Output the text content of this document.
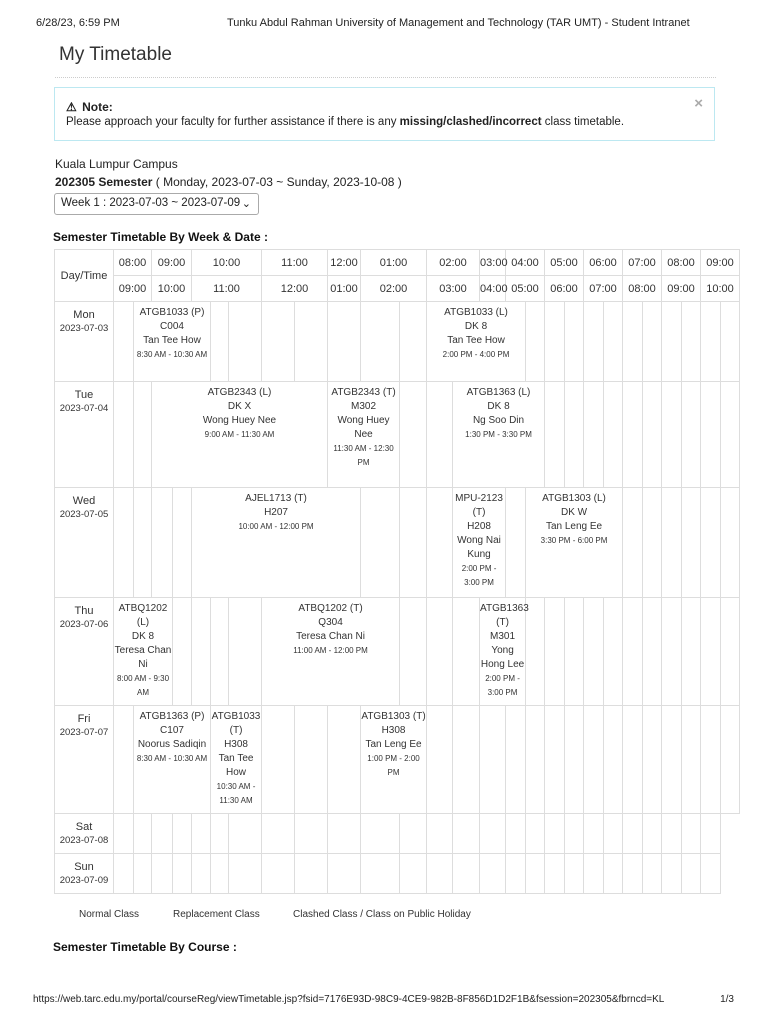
6/28/23, 6:59 PM	Tunku Abdul Rahman University of Management and Technology (TAR UMT) - Student Intranet
My Timetable
⚠ Note:
Please approach your faculty for further assistance if there is any missing/clashed/incorrect class timetable.
×
Kuala Lumpur Campus
202305 Semester ( Monday, 2023-07-03 ~ Sunday, 2023-10-08 )
Week 1 : 2023-07-03 ~ 2023-07-09 ⌄
Semester Timetable By Week & Date :
Day/Time	08:00		09:00		10:00			11:00		12:00	01:00		02:00		03:00	04:00		05:00		06:00		07:00		08:00		09:00		
	09:00		10:00		11:00			12:00		01:00	02:00		03:00		04:00	05:00		06:00		07:00		08:00		09:00		10:00		

Mon
2023-07-03		ATGB1033 (P)
C004
Tan Tee How
8:30 AM - 10:30 AM											ATGB1033 (L)
DK 8
Tan Tee How
2:00 PM - 4:00 PM															

Tue
2023-07-04			ATGB2343 (L)
DK X
Wong Huey Nee
9:00 AM - 11:30 AM							ATGB2343 (T)
M302
Wong Huey Nee
11:30 AM - 12:30 PM				ATGB1363 (L)
DK 8
Ng Soo Din
1:30 PM - 3:30 PM														

Wed
2023-07-05					AJEL1713 (T)
H207
10:00 AM - 12:00 PM									MPU-2123 (T)
H208
Wong Nai Kung
2:00 PM - 3:00 PM			ATGB1303 (L)
DK W
Tan Leng Ee
3:30 PM - 6:00 PM											

Thu
2023-07-06	ATBQ1202 (L)
DK 8
Teresa Chan Ni
8:00 AM - 9:30 AM							ATBQ1202 (T)
Q304
Teresa Chan Ni
11:00 AM - 12:00 PM							ATGB1363 (T)
M301
Yong Hong Lee
2:00 PM - 3:00 PM													

Fri
2023-07-07		ATGB1363 (P)
C107
Noorus Sadiqin
8:30 AM - 10:30 AM				ATGB1033 (T)
H308
Tan Tee How
10:30 AM - 11:30 AM					ATGB1303 (T)
H308
Tan Leng Ee
1:00 PM - 2:00 PM																	

Sat
2023-07-08																												

Sun
2023-07-09																												

Normal Class	Replacement Class	Clashed Class / Class on Public Holiday
Semester Timetable By Course :
https://web.tarc.edu.my/portal/courseReg/viewTimetable.jsp?fsid=7176E93D-98C9-4CE9-982B-8F856D1D2F1B&fsession=202305&fbrncd=KL	1/3
